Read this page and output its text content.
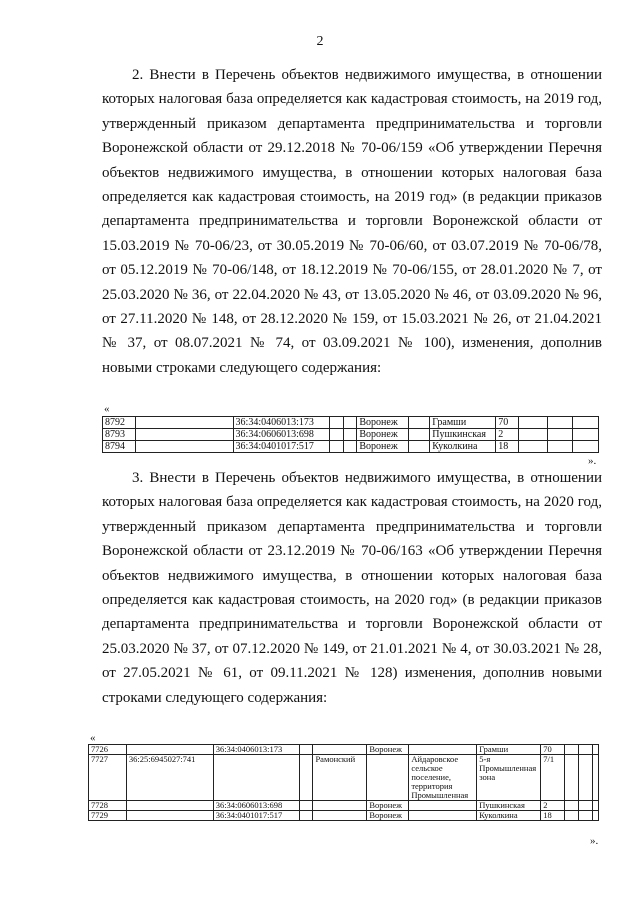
2

2. Внести в Перечень объектов недвижимого имущества, в отношении которых налоговая база определяется как кадастровая стоимость, на 2019 год, утвержденный приказом департамента предпринимательства и торговли Воронежской области от 29.12.2018 № 70-06/159 «Об утверждении Перечня объектов недвижимого имущества, в отношении которых налоговая база определяется как кадастровая стоимость, на 2019 год» (в редакции приказов департамента предпринимательства и торговли Воронежской области от 15.03.2019 № 70-06/23, от 30.05.2019 № 70-06/60, от 03.07.2019 № 70-06/78, от 05.12.2019 № 70-06/148, от 18.12.2019 № 70-06/155, от 28.01.2020 № 7, от 25.03.2020 № 36, от 22.04.2020 № 43, от 13.05.2020 № 46, от 03.09.2020 № 96, от 27.11.2020 № 148, от 28.12.2020 № 159, от 15.03.2021 № 26, от 21.04.2021 № 37, от 08.07.2021 № 74, от 03.09.2021 № 100), изменения, дополнив новыми строками следующего содержания:

«
8792		36:34:0406013:173			Воронеж		Грамши	70			
8793		36:34:0606013:698			Воронеж		Пушкинская	2			
8794		36:34:0401017:517			Воронеж		Куколкина	18			
».

3. Внести в Перечень объектов недвижимого имущества, в отношении которых налоговая база определяется как кадастровая стоимость, на 2020 год, утвержденный приказом департамента предпринимательства и торговли Воронежской области от 23.12.2019 № 70-06/163 «Об утверждении Перечня объектов недвижимого имущества, в отношении которых налоговая база определяется как кадастровая стоимость, на 2020 год» (в редакции приказов департамента предпринимательства и торговли Воронежской области от 25.03.2020 № 37, от 07.12.2020 № 149, от 21.01.2021 № 4, от 30.03.2021 № 28, от 27.05.2021 № 61, от 09.11.2021 № 128) изменения, дополнив новыми строками следующего содержания:

«
7726		36:34:0406013:173			Воронеж		Грамши	70			
7727	36:25:6945027:741			Рамонский		Айдаровское сельское поселение, территория Промышленная	5-я Промышленная зона	7/1			
7728		36:34:0606013:698			Воронеж		Пушкинская	2			
7729		36:34:0401017:517			Воронеж		Куколкина	18			
».
